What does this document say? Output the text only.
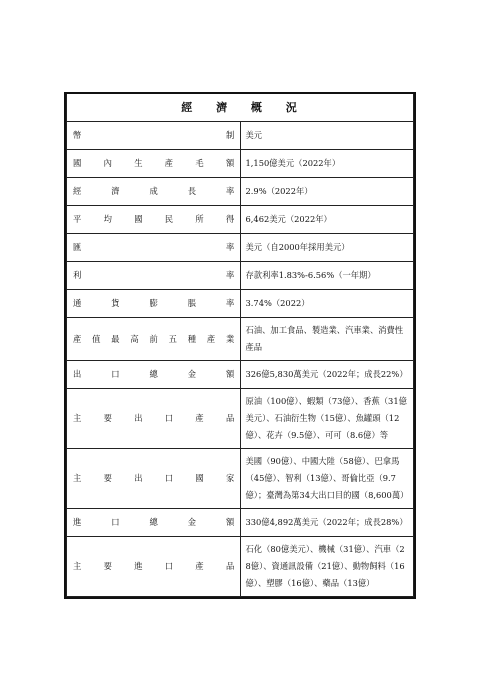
經 濟 概 況	
幣制	美元
國內生產毛額	1,150億美元（2022年）
經濟成長率	2.9%（2022年）
平均國民所得	6,462美元（2022年）
匯率	美元（自2000年採用美元）
利率	存款利率1.83%-6.56%（一年期）
通貨膨脹率	3.74%（2022）
產值最高前五種產業	石油、加工食品、製造業、汽車業、消費性產品
出口總金額	326億5,830萬美元（2022年；成長22%）
主要出口產品	原油（100億）、蝦類（73億）、香蕉（31億美元）、石油衍生物（15億）、魚罐頭（12億）、花卉（9.5億）、可可（8.6億）等
主要出口國家	美國（90億）、中國大陸（58億）、巴拿馬（45億）、智利（13億）、哥倫比亞（9.7億）；臺灣為第34大出口目的國（8,600萬）
進口總金額	330億4,892萬美元（2022年；成長28%）
主要進口產品	石化（80億美元）、機械（31億）、汽車（28億）、資通訊設備（21億）、動物飼料（16億）、塑膠（16億）、藥品（13億）
